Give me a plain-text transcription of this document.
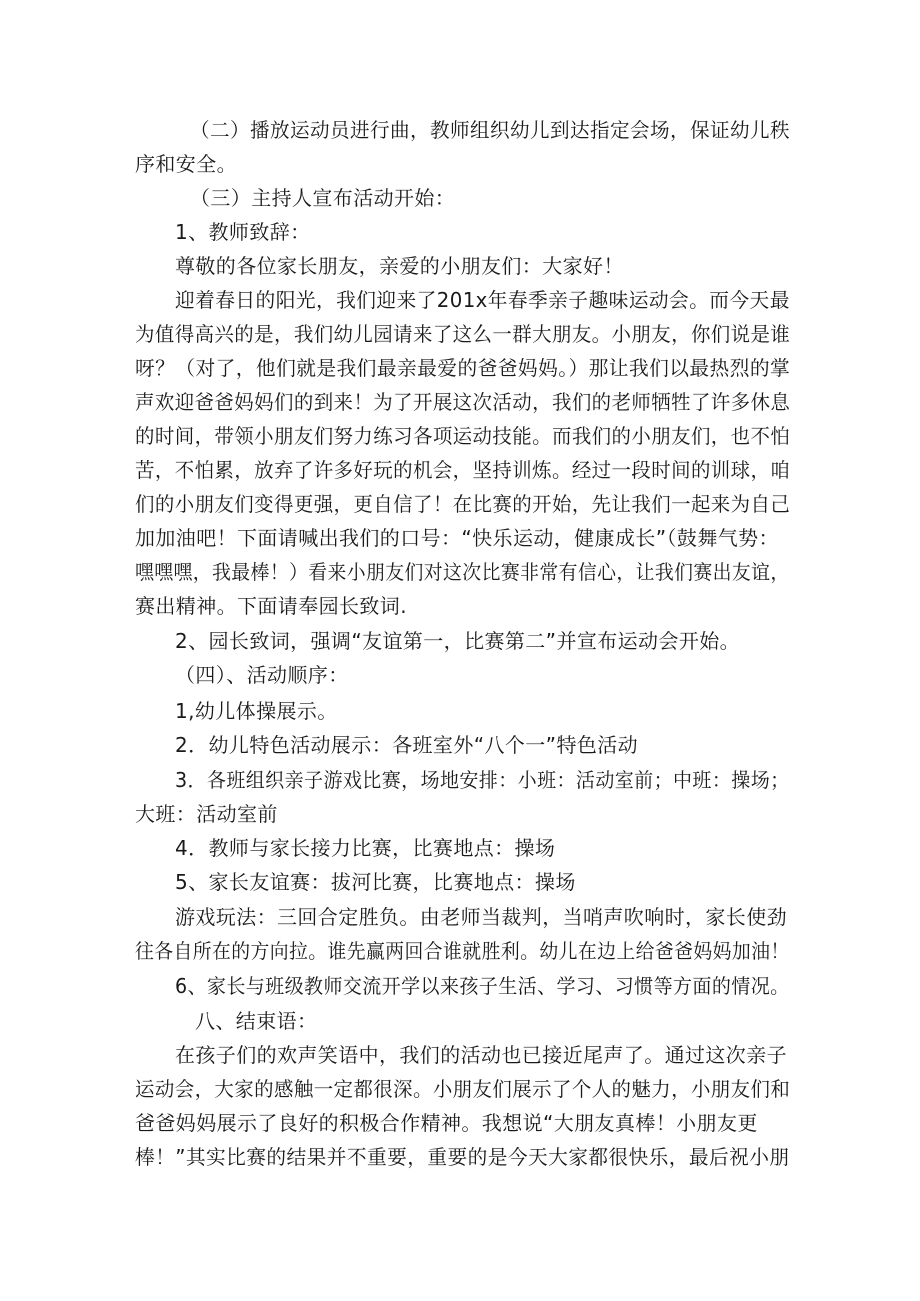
（二）播放运动员进行曲，教师组织幼儿到达指定会场，保证幼儿秩
序和安全。
（三）主持人宣布活动开始：
1、教师致辞：
尊敬的各位家长朋友，亲爱的小朋友们：大家好！
迎着春日的阳光，我们迎来了201x年春季亲子趣味运动会。而今天最
为值得高兴的是，我们幼儿园请来了这么一群大朋友。小朋友，你们说是谁
呀？（对了，他们就是我们最亲最爱的爸爸妈妈。）那让我们以最热烈的掌
声欢迎爸爸妈妈们的到来！为了开展这次活动，我们的老师牺牲了许多休息
的时间，带领小朋友们努力练习各项运动技能。而我们的小朋友们，也不怕
苦，不怕累，放弃了许多好玩的机会，坚持训炼。经过一段时间的训球，咱
们的小朋友们变得更强，更自信了！在比赛的开始，先让我们一起来为自己
加加油吧！下面请喊出我们的口号：“快乐运动，健康成长”（鼓舞气势：
嘿嘿嘿，我最棒！）看来小朋友们对这次比赛非常有信心，让我们赛出友谊，
赛出精神。下面请奉园长致词.
2、园长致词，强调“友谊第一，比赛第二”并宣布运动会开始。
（四）、活动顺序：
1,幼儿体操展示。
2．幼儿特色活动展示：各班室外“八个一”特色活动
3．各班组织亲子游戏比赛，场地安排：小班：活动室前；中班：操场；
大班：活动室前
4．教师与家长接力比赛，比赛地点：操场
5、家长友谊赛：拔河比赛，比赛地点：操场
游戏玩法：三回合定胜负。由老师当裁判，当哨声吹响时，家长使劲
往各自所在的方向拉。谁先赢两回合谁就胜利。幼儿在边上给爸爸妈妈加油！
6、家长与班级教师交流开学以来孩子生活、学习、习惯等方面的情况。
八、结束语：
在孩子们的欢声笑语中，我们的活动也已接近尾声了。通过这次亲子
运动会，大家的感触一定都很深。小朋友们展示了个人的魅力，小朋友们和
爸爸妈妈展示了良好的积极合作精神。我想说“大朋友真棒！小朋友更
棒！”其实比赛的结果并不重要，重要的是今天大家都很快乐，最后祝小朋
